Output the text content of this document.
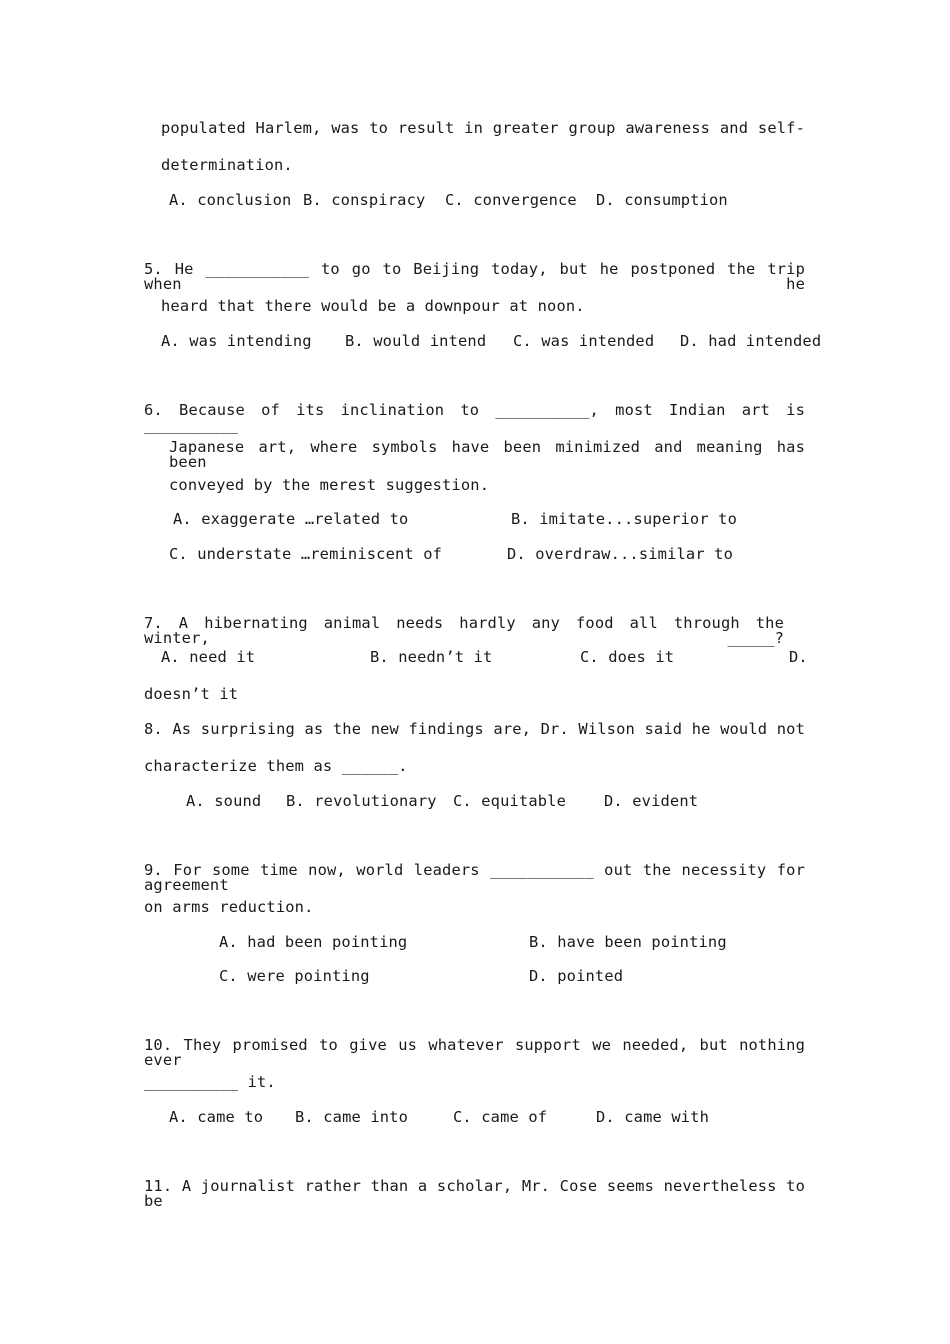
populated Harlem, was to result in greater group awareness and self-
determination.
A. conclusion B. conspiracy C. convergence D. consumption
5. He ___________ to go to Beijing today, but he postponed the trip when he
heard that there would be a downpour at noon.
A. was intending B. would intend C. was intended D. had intended
6. Because of its inclination to __________, most Indian art is __________
Japanese art, where symbols have been minimized and meaning has been
conveyed by the merest suggestion.
A. exaggerate …related to	B. imitate...superior to
C. understate …reminiscent of	D. overdraw...similar to
7. A hibernating animal needs hardly any food all through the winter, _____?
A. need it	B. needn’t it	C. does it	D.
doesn’t it
8. As surprising as the new findings are, Dr. Wilson said he would not
characterize them as ______.
A. sound B. revolutionary C. equitable D. evident
9. For some time now, world leaders ___________ out the necessity for agreement
on arms reduction.
A. had been pointing	B. have been pointing
C. were pointing	D. pointed
10. They promised to give us whatever support we needed, but nothing ever
__________ it.
A. came to B. came into	C. came of	D. came with
11. A journalist rather than a scholar, Mr. Cose seems nevertheless to be
